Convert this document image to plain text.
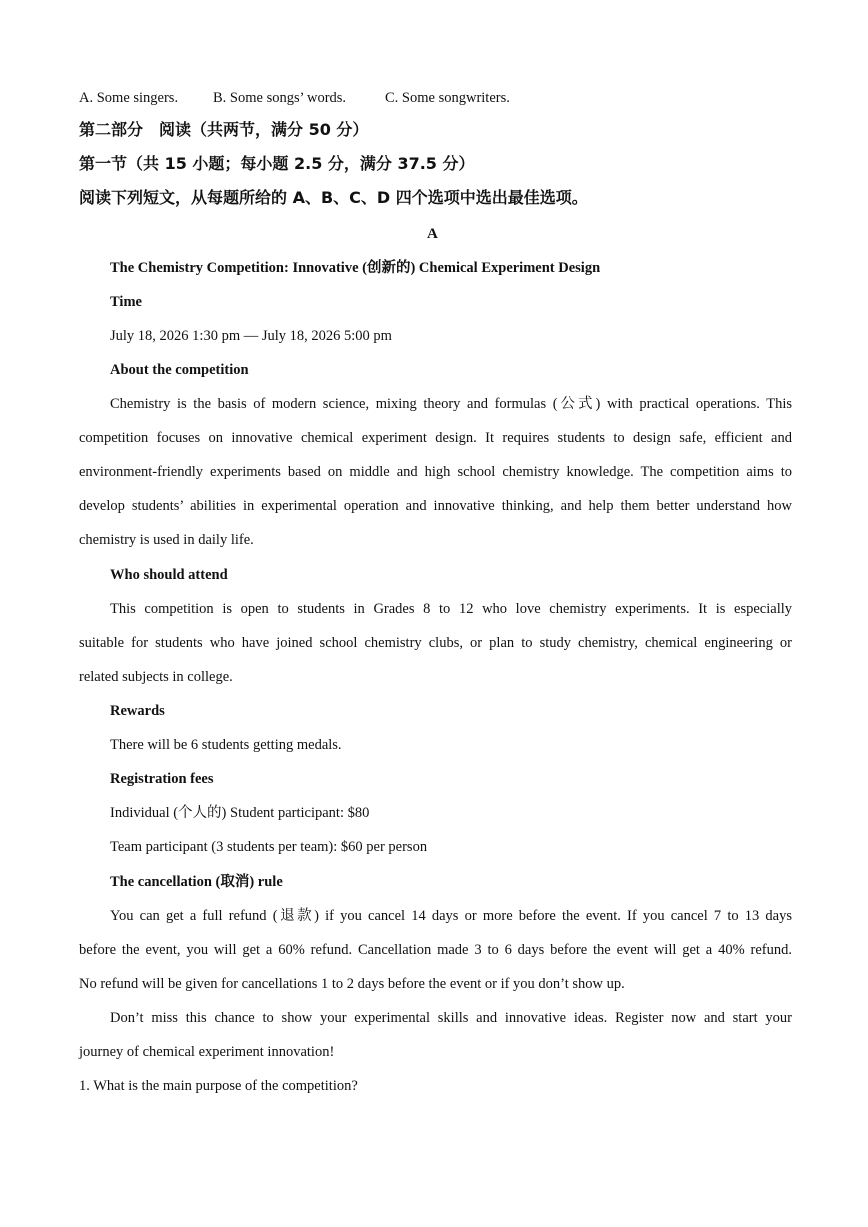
A. Some singers. B. Some songs’ words.	C. Some songwriters.
第二部分　阅读（共两节，满分 50 分）
第一节（共 15 小题；每小题 2.5 分，满分 37.5 分）
阅读下列短文，从每题所给的 A、B、C、D 四个选项中选出最佳选项。
A
The Chemistry Competition: Innovative (创新的) Chemical Experiment Design
Time
July 18, 2026 1:30 pm — July 18, 2026 5:00 pm
About the competition
Chemistry is the basis of modern science, mixing theory and formulas (公式) with practical operations. This
competition focuses on innovative chemical experiment design. It requires students to design safe, efficient and
environment-friendly experiments based on middle and high school chemistry knowledge. The competition aims to
develop students’ abilities in experimental operation and innovative thinking, and help them better understand how
chemistry is used in daily life.
Who should attend
This competition is open to students in Grades 8 to 12 who love chemistry experiments. It is especially
suitable for students who have joined school chemistry clubs, or plan to study chemistry, chemical engineering or
related subjects in college.
Rewards
There will be 6 students getting medals.
Registration fees
Individual (个人的) Student participant: $80
Team participant (3 students per team): $60 per person
The cancellation (取消) rule
You can get a full refund (退款) if you cancel 14 days or more before the event. If you cancel 7 to 13 days
before the event, you will get a 60% refund. Cancellation made 3 to 6 days before the event will get a 40% refund.
No refund will be given for cancellations 1 to 2 days before the event or if you don’t show up.
Don’t miss this chance to show your experimental skills and innovative ideas. Register now and start your
journey of chemical experiment innovation!
1. What is the main purpose of the competition?
